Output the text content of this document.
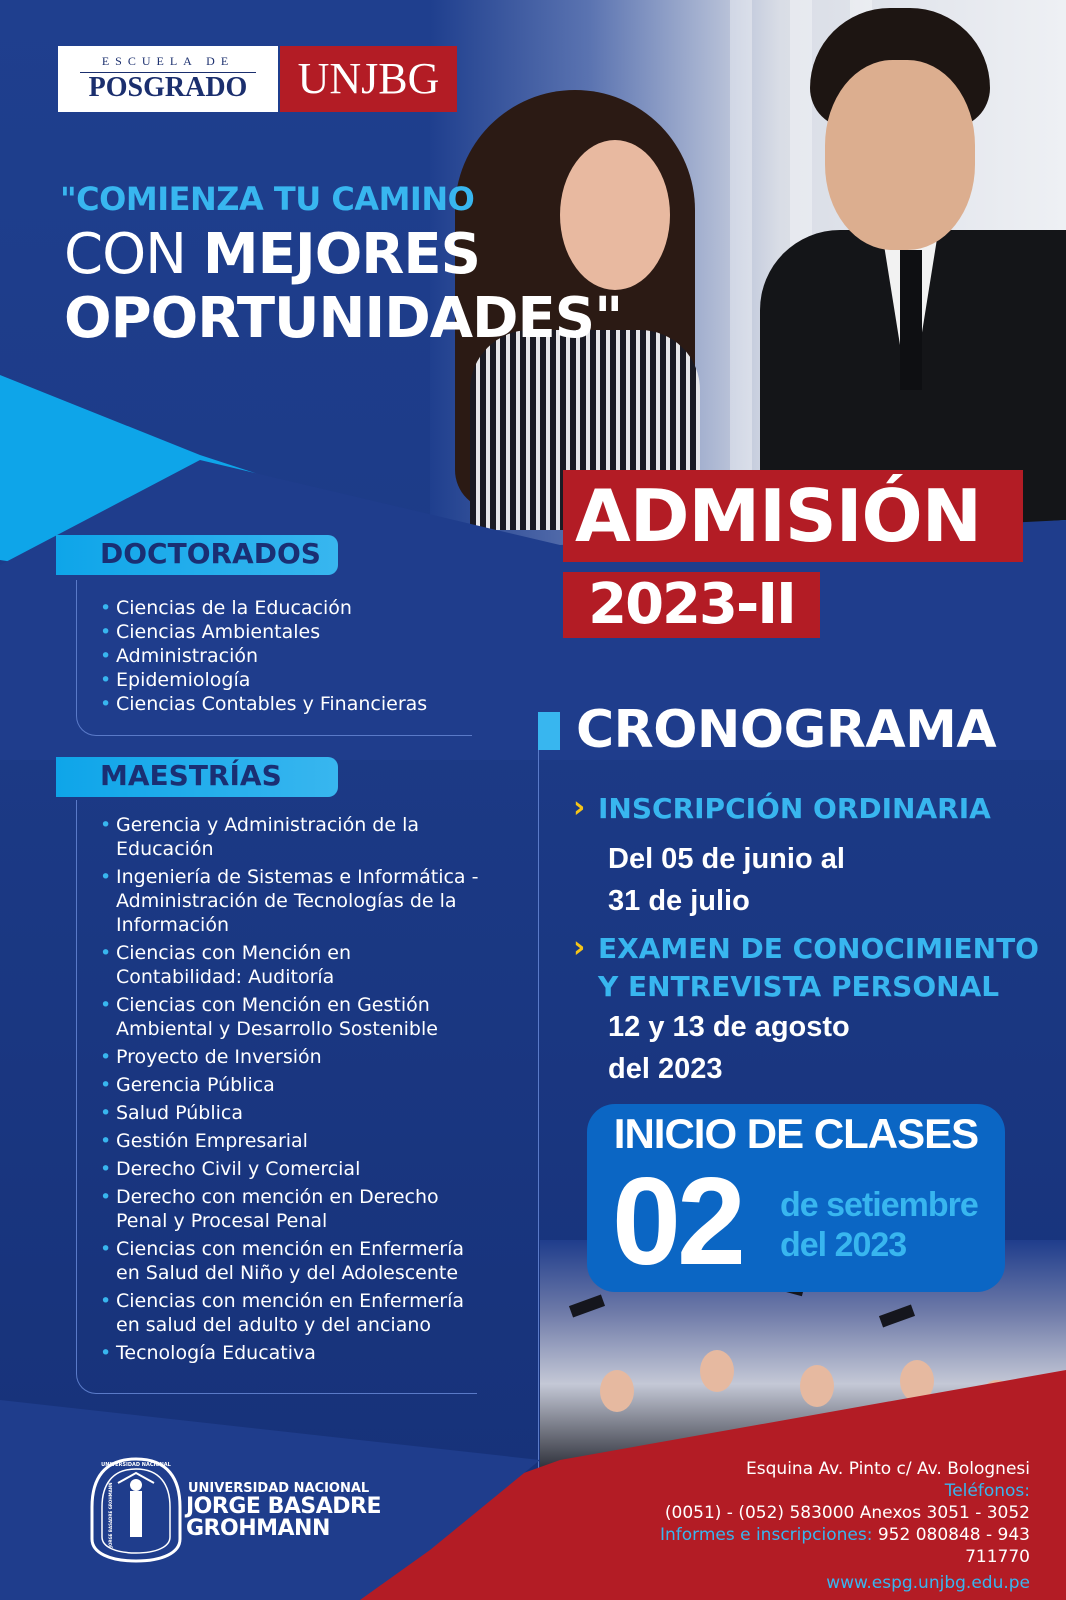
ESCUELA DE
POSGRADO	UNJBG
"COMIENZA TU CAMINO
CON MEJORES
OPORTUNIDADES"
ADMISIÓN
2023-II
DOCTORADOS
• Ciencias de la Educación
• Ciencias Ambientales
• Administración
• Epidemiología
• Ciencias Contables y Financieras
MAESTRÍAS
• Gerencia y Administración de la Educación
• Ingeniería de Sistemas e Informática - Administración de Tecnologías de la Información
• Ciencias con Mención en Contabilidad: Auditoría
• Ciencias con Mención en Gestión Ambiental y Desarrollo Sostenible
• Proyecto de Inversión
• Gerencia Pública
• Salud Pública
• Gestión Empresarial
• Derecho Civil y Comercial
• Derecho con mención en Derecho Penal y Procesal Penal
• Ciencias con mención en Enfermería en Salud del Niño y del Adolescente
• Ciencias con mención en Enfermería en salud del adulto y del anciano
• Tecnología Educativa
CRONOGRAMA
› INSCRIPCIÓN ORDINARIA
Del 05 de junio al
31 de julio
› EXAMEN DE CONOCIMIENTO
Y ENTREVISTA PERSONAL
12 y 13 de agosto
del 2023
INICIO DE CLASES
02 de setiembre
del 2023
UNIVERSIDAD NACIONAL
JORGE BASADRE GROHMANN
TACNA
UNIVERSIDAD NACIONAL
JORGE BASADRE
GROHMANN
Esquina Av. Pinto c/ Av. Bolognesi
Teléfonos:
(0051) - (052) 583000 Anexos 3051 - 3052
Informes e inscripciones: 952 080848 - 943 711770
www.espg.unjbg.edu.pe
